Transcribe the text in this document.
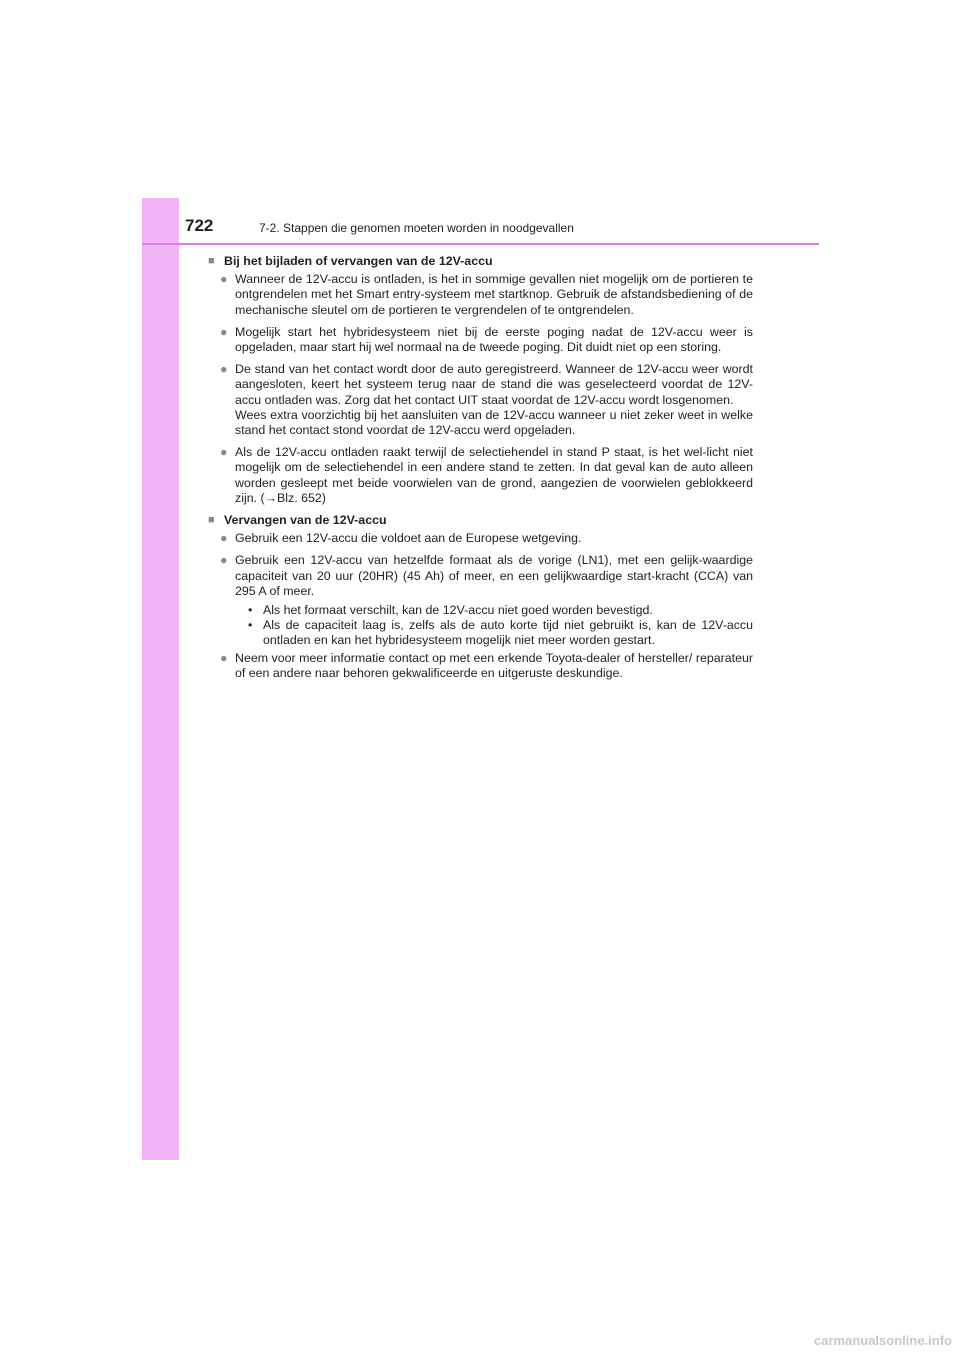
722	7-2. Stappen die genomen moeten worden in noodgevallen
■ Bij het bijladen of vervangen van de 12V-accu
● Wanneer de 12V-accu is ontladen, is het in sommige gevallen niet mogelijk om de portieren te ontgrendelen met het Smart entry-systeem met startknop. Gebruik de afstandsbediening of de mechanische sleutel om de portieren te vergrendelen of te ontgrendelen.
● Mogelijk start het hybridesysteem niet bij de eerste poging nadat de 12V-accu weer is opgeladen, maar start hij wel normaal na de tweede poging. Dit duidt niet op een storing.
● De stand van het contact wordt door de auto geregistreerd. Wanneer de 12V-accu weer wordt aangesloten, keert het systeem terug naar de stand die was geselecteerd voordat de 12V-accu ontladen was. Zorg dat het contact UIT staat voordat de 12V-accu wordt losgenomen.
Wees extra voorzichtig bij het aansluiten van de 12V-accu wanneer u niet zeker weet in welke stand het contact stond voordat de 12V-accu werd opgeladen.
● Als de 12V-accu ontladen raakt terwijl de selectiehendel in stand P staat, is het wel-licht niet mogelijk om de selectiehendel in een andere stand te zetten. In dat geval kan de auto alleen worden gesleept met beide voorwielen van de grond, aangezien de voorwielen geblokkeerd zijn. (→Blz. 652)
■ Vervangen van de 12V-accu
● Gebruik een 12V-accu die voldoet aan de Europese wetgeving.
● Gebruik een 12V-accu van hetzelfde formaat als de vorige (LN1), met een gelijk-waardige capaciteit van 20 uur (20HR) (45 Ah) of meer, en een gelijkwaardige start-kracht (CCA) van 295 A of meer.
• Als het formaat verschilt, kan de 12V-accu niet goed worden bevestigd.
• Als de capaciteit laag is, zelfs als de auto korte tijd niet gebruikt is, kan de 12V-accu ontladen en kan het hybridesysteem mogelijk niet meer worden gestart.
● Neem voor meer informatie contact op met een erkende Toyota-dealer of hersteller/ reparateur of een andere naar behoren gekwalificeerde en uitgeruste deskundige.
carmanualsonline.info
